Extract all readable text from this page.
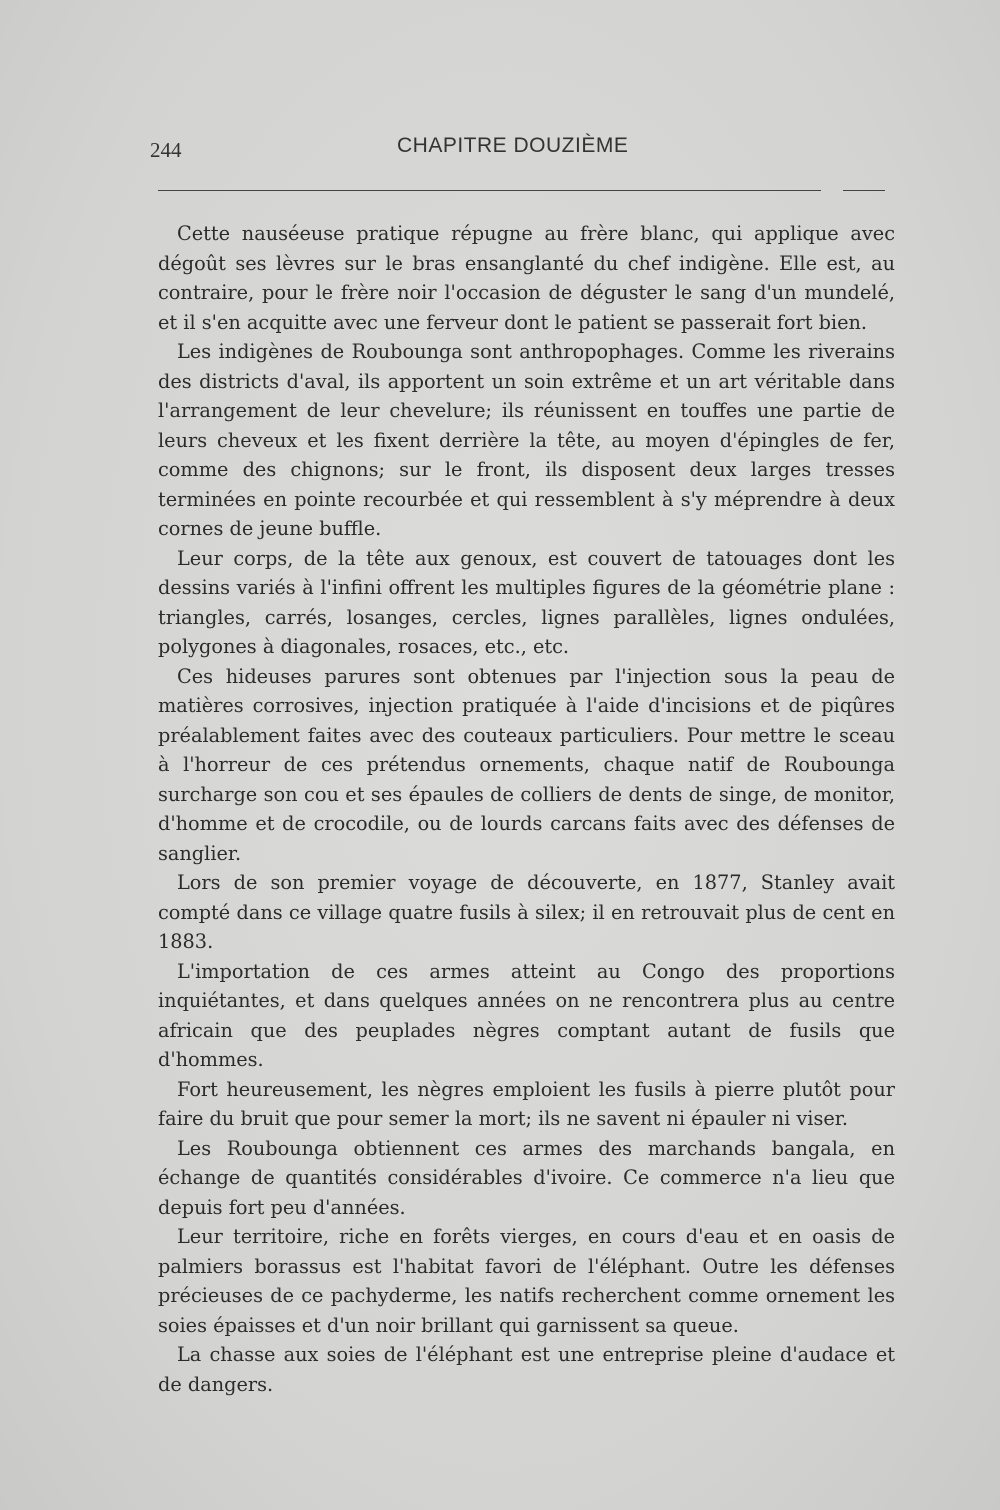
244	CHAPITRE DOUZIÈME

Cette nauséeuse pratique répugne au frère blanc, qui applique avec dégoût ses lèvres sur le bras ensanglanté du chef indigène. Elle est, au contraire, pour le frère noir l'occasion de déguster le sang d'un mundelé, et il s'en acquitte avec une ferveur dont le patient se passerait fort bien.

Les indigènes de Roubounga sont anthropophages. Comme les riverains des districts d'aval, ils apportent un soin extrême et un art véritable dans l'arrangement de leur chevelure; ils réunissent en touffes une partie de leurs cheveux et les fixent derrière la tête, au moyen d'épingles de fer, comme des chignons; sur le front, ils disposent deux larges tresses terminées en pointe recourbée et qui ressemblent à s'y méprendre à deux cornes de jeune buffle.

Leur corps, de la tête aux genoux, est couvert de tatouages dont les dessins variés à l'infini offrent les multiples figures de la géométrie plane : triangles, carrés, losanges, cercles, lignes parallèles, lignes ondulées, polygones à diagonales, rosaces, etc., etc.

Ces hideuses parures sont obtenues par l'injection sous la peau de matières corrosives, injection pratiquée à l'aide d'incisions et de piqûres préalablement faites avec des couteaux particuliers. Pour mettre le sceau à l'horreur de ces prétendus ornements, chaque natif de Roubounga surcharge son cou et ses épaules de colliers de dents de singe, de monitor, d'homme et de crocodile, ou de lourds carcans faits avec des défenses de sanglier.

Lors de son premier voyage de découverte, en 1877, Stanley avait compté dans ce village quatre fusils à silex; il en retrouvait plus de cent en 1883.

L'importation de ces armes atteint au Congo des proportions inquiétantes, et dans quelques années on ne rencontrera plus au centre africain que des peuplades nègres comptant autant de fusils que d'hommes.

Fort heureusement, les nègres emploient les fusils à pierre plutôt pour faire du bruit que pour semer la mort; ils ne savent ni épauler ni viser.

Les Roubounga obtiennent ces armes des marchands bangala, en échange de quantités considérables d'ivoire. Ce commerce n'a lieu que depuis fort peu d'années.

Leur territoire, riche en forêts vierges, en cours d'eau et en oasis de palmiers borassus est l'habitat favori de l'éléphant. Outre les défenses précieuses de ce pachyderme, les natifs recherchent comme ornement les soies épaisses et d'un noir brillant qui garnissent sa queue.

La chasse aux soies de l'éléphant est une entreprise pleine d'audace et de dangers.
